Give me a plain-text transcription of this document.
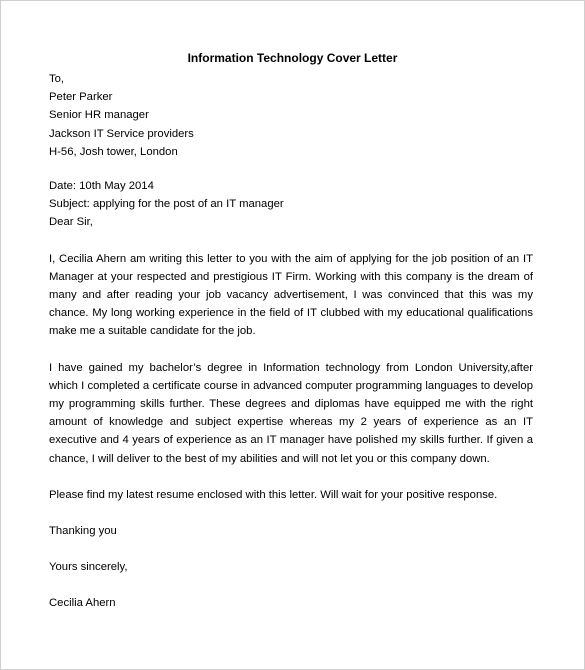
Information Technology Cover Letter
To,
Peter Parker
Senior HR manager
Jackson IT Service providers
H-56, Josh tower, London
Date: 10th May 2014
Subject: applying for the post of an IT manager
Dear Sir,
I, Cecilia Ahern am writing this letter to you with the aim of applying for the job position of an IT Manager at your respected and prestigious IT Firm. Working with this company is the dream of many and after reading your job vacancy advertisement, I was convinced that this was my chance. My long working experience in the field of IT clubbed with my educational qualifications make me a suitable candidate for the job.
I have gained my bachelor’s degree in Information technology from London University,after which I completed a certificate course in advanced computer programming languages to develop my programming skills further. These degrees and diplomas have equipped me with the right amount of knowledge and subject expertise whereas my 2 years of experience as an IT executive and 4 years of experience as an IT manager have polished my skills further. If given a chance, I will deliver to the best of my abilities and will not let you or this company down.
Please find my latest resume enclosed with this letter. Will wait for your positive response.
Thanking you
Yours sincerely,
Cecilia Ahern
